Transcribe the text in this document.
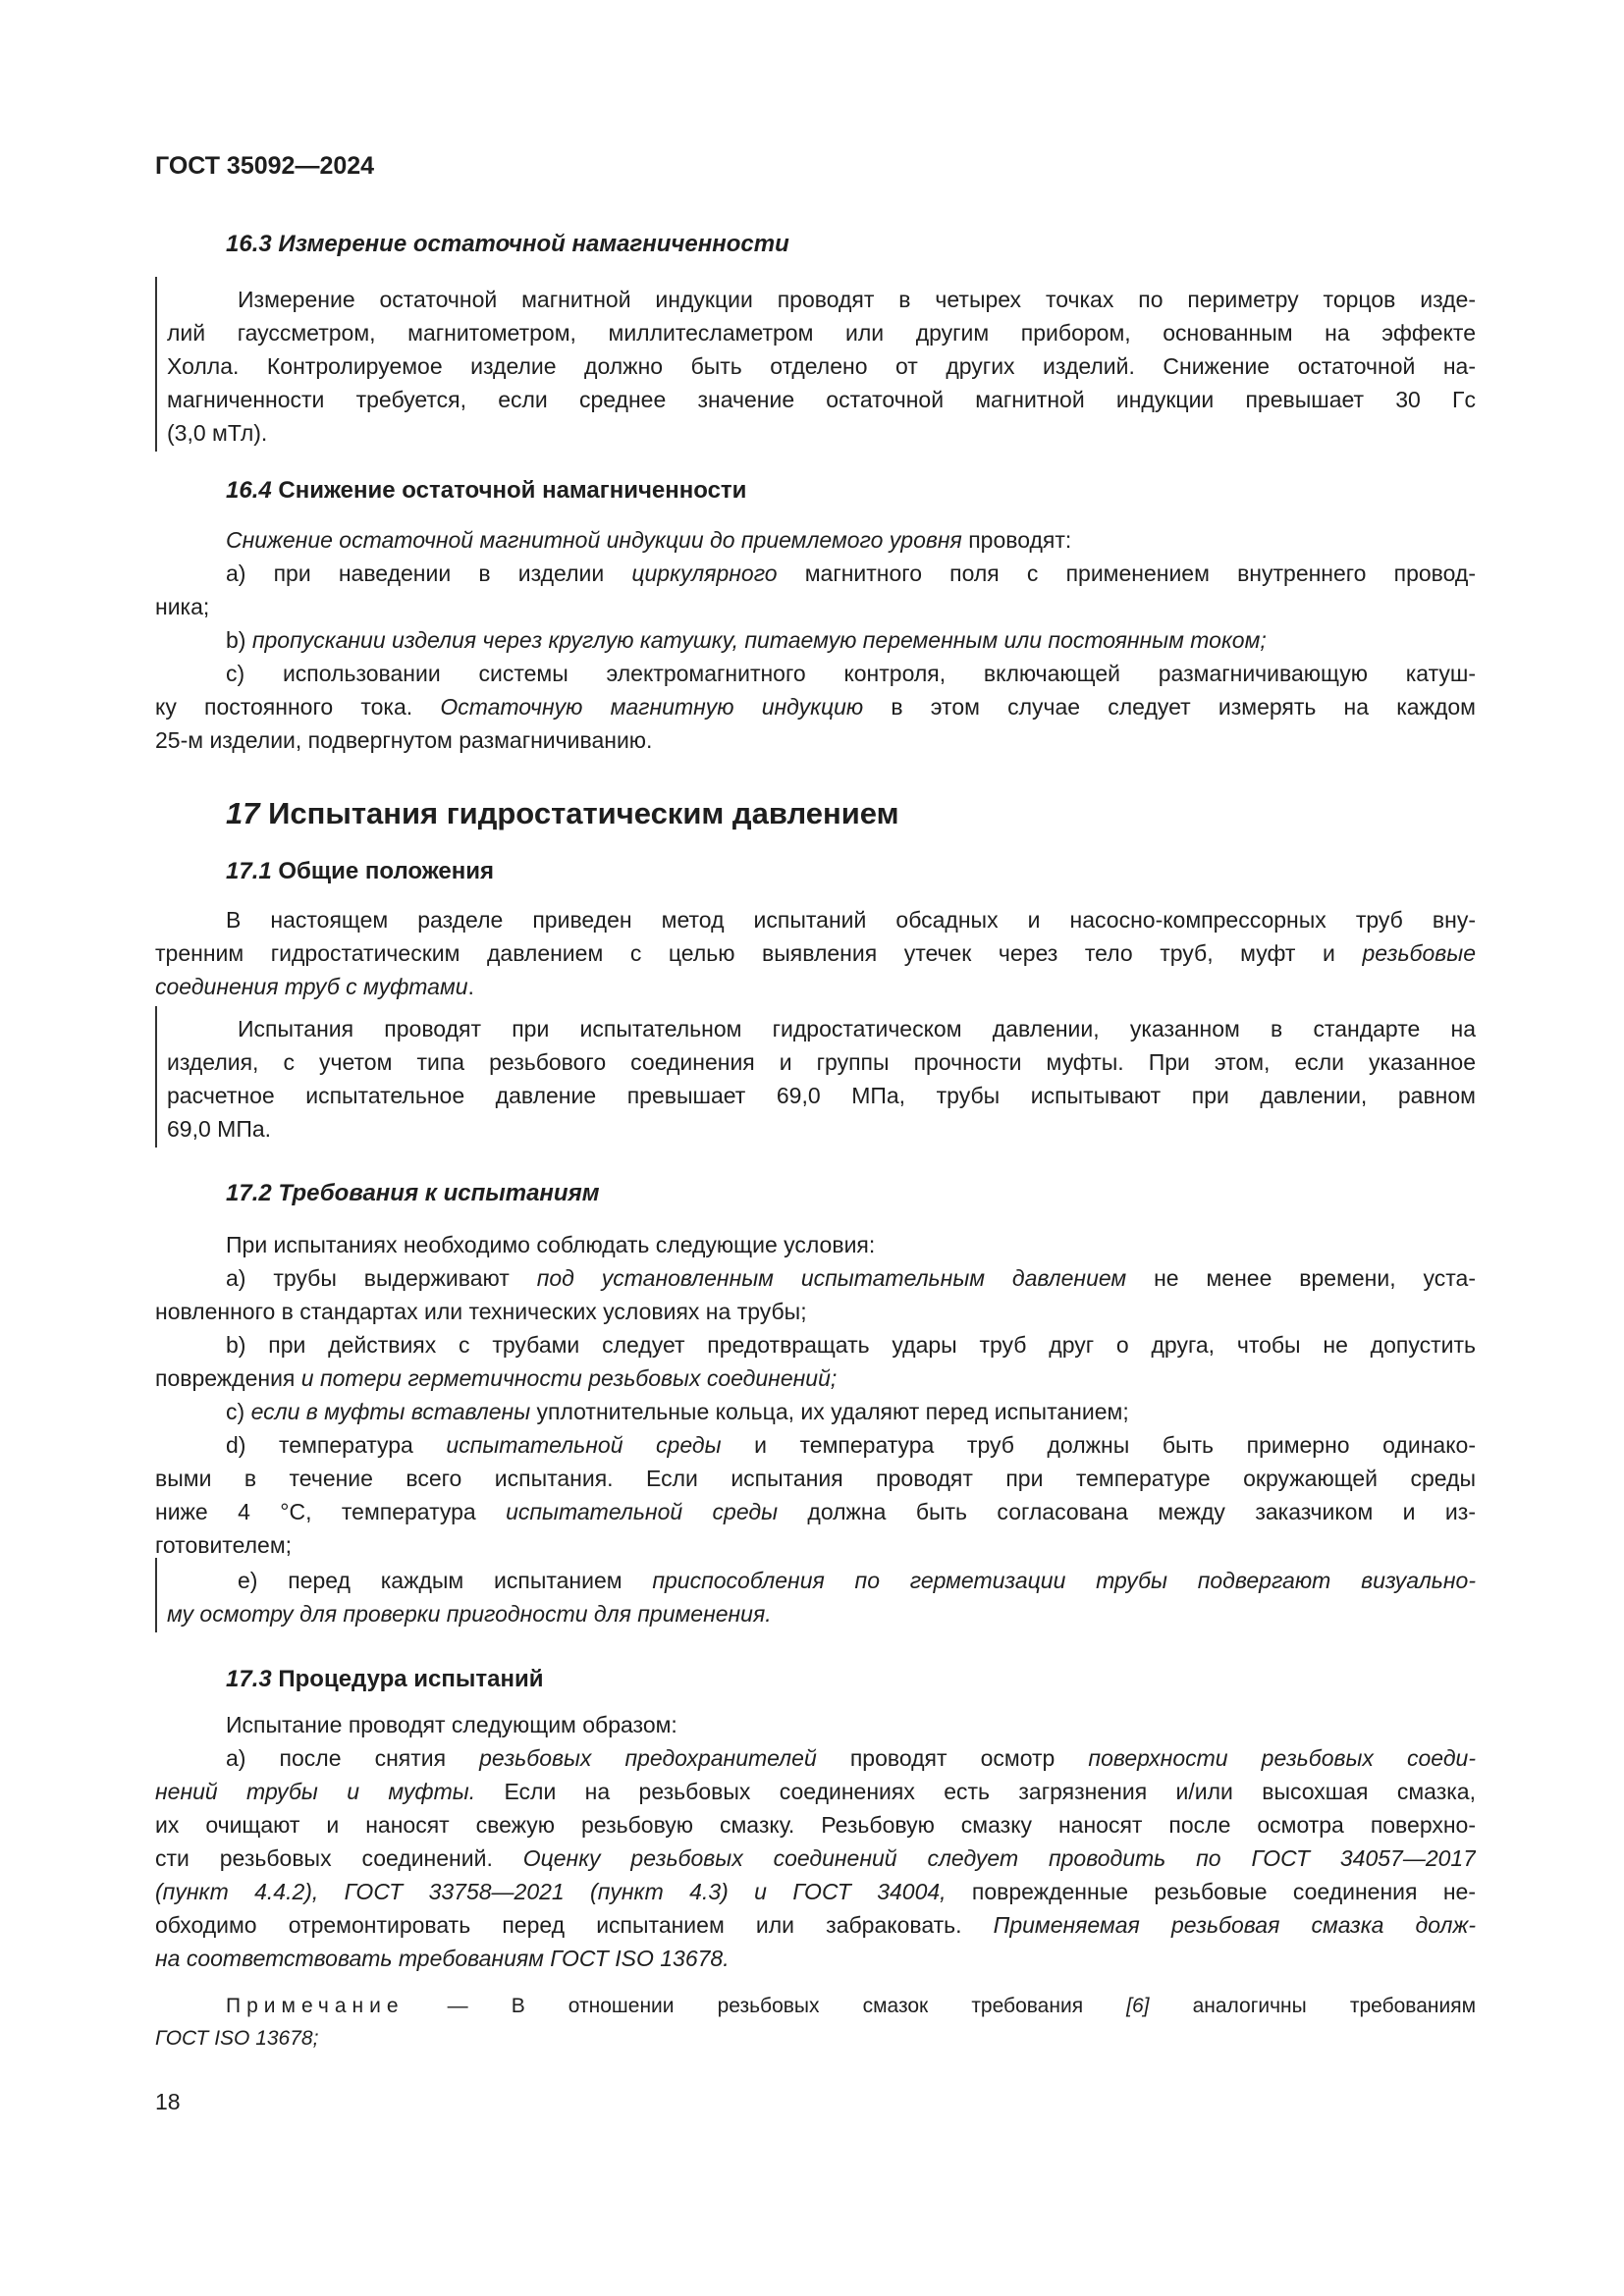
ГОСТ 35092—2024
16.3 Измерение остаточной намагниченности
Измерение остаточной магнитной индукции проводят в четырех точках по периметру торцов изде-
лий гауссметром, магнитометром, миллитесламетром или другим прибором, основанным на эффекте
Холла. Контролируемое изделие должно быть отделено от других изделий. Снижение остаточной на-
магниченности требуется, если среднее значение остаточной магнитной индукции превышает 30 Гс
(3,0 мТл).
16.4 Снижение остаточной намагниченности
Снижение остаточной магнитной индукции до приемлемого уровня проводят:
а) при наведении в изделии циркулярного магнитного поля с применением внутреннего провод-
ника;
b) пропускании изделия через круглую катушку, питаемую переменным или постоянным током;
c) использовании системы электромагнитного контроля, включающей размагничивающую катуш-
ку постоянного тока. Остаточную магнитную индукцию в этом случае следует измерять на каждом
25-м изделии, подвергнутом размагничиванию.
17 Испытания гидростатическим давлением
17.1 Общие положения
В настоящем разделе приведен метод испытаний обсадных и насосно-компрессорных труб вну-
тренним гидростатическим давлением с целью выявления утечек через тело труб, муфт и резьбовые
соединения труб с муфтами.
Испытания проводят при испытательном гидростатическом давлении, указанном в стандарте на
изделия, с учетом типа резьбового соединения и группы прочности муфты. При этом, если указанное
расчетное испытательное давление превышает 69,0 МПа, трубы испытывают при давлении, равном
69,0 МПа.
17.2 Требования к испытаниям
При испытаниях необходимо соблюдать следующие условия:
а) трубы выдерживают под установленным испытательным давлением не менее времени, уста-
новленного в стандартах или технических условиях на трубы;
b) при действиях с трубами следует предотвращать удары труб друг о друга, чтобы не допустить
повреждения и потери герметичности резьбовых соединений;
c) если в муфты вставлены уплотнительные кольца, их удаляют перед испытанием;
d) температура испытательной среды и температура труб должны быть примерно одинако-
выми в течение всего испытания. Если испытания проводят при температуре окружающей среды
ниже 4 °C, температура испытательной среды должна быть согласована между заказчиком и из-
готовителем;
е) перед каждым испытанием приспособления по герметизации трубы подвергают визуально-
му осмотру для проверки пригодности для применения.
17.3 Процедура испытаний
Испытание проводят следующим образом:
а) после снятия резьбовых предохранителей проводят осмотр поверхности резьбовых соеди-
нений трубы и муфты. Если на резьбовых соединениях есть загрязнения и/или высохшая смазка,
их очищают и наносят свежую резьбовую смазку. Резьбовую смазку наносят после осмотра поверхно-
сти резьбовых соединений. Оценку резьбовых соединений следует проводить по ГОСТ 34057—2017
(пункт 4.4.2), ГОСТ 33758—2021 (пункт 4.3) и ГОСТ 34004, поврежденные резьбовые соединения не-
обходимо отремонтировать перед испытанием или забраковать. Применяемая резьбовая смазка долж-
на соответствовать требованиям ГОСТ ISO 13678.
Примечание — В отношении резьбовых смазок требования [6] аналогичны требованиям
ГОСТ ISO 13678;
18
